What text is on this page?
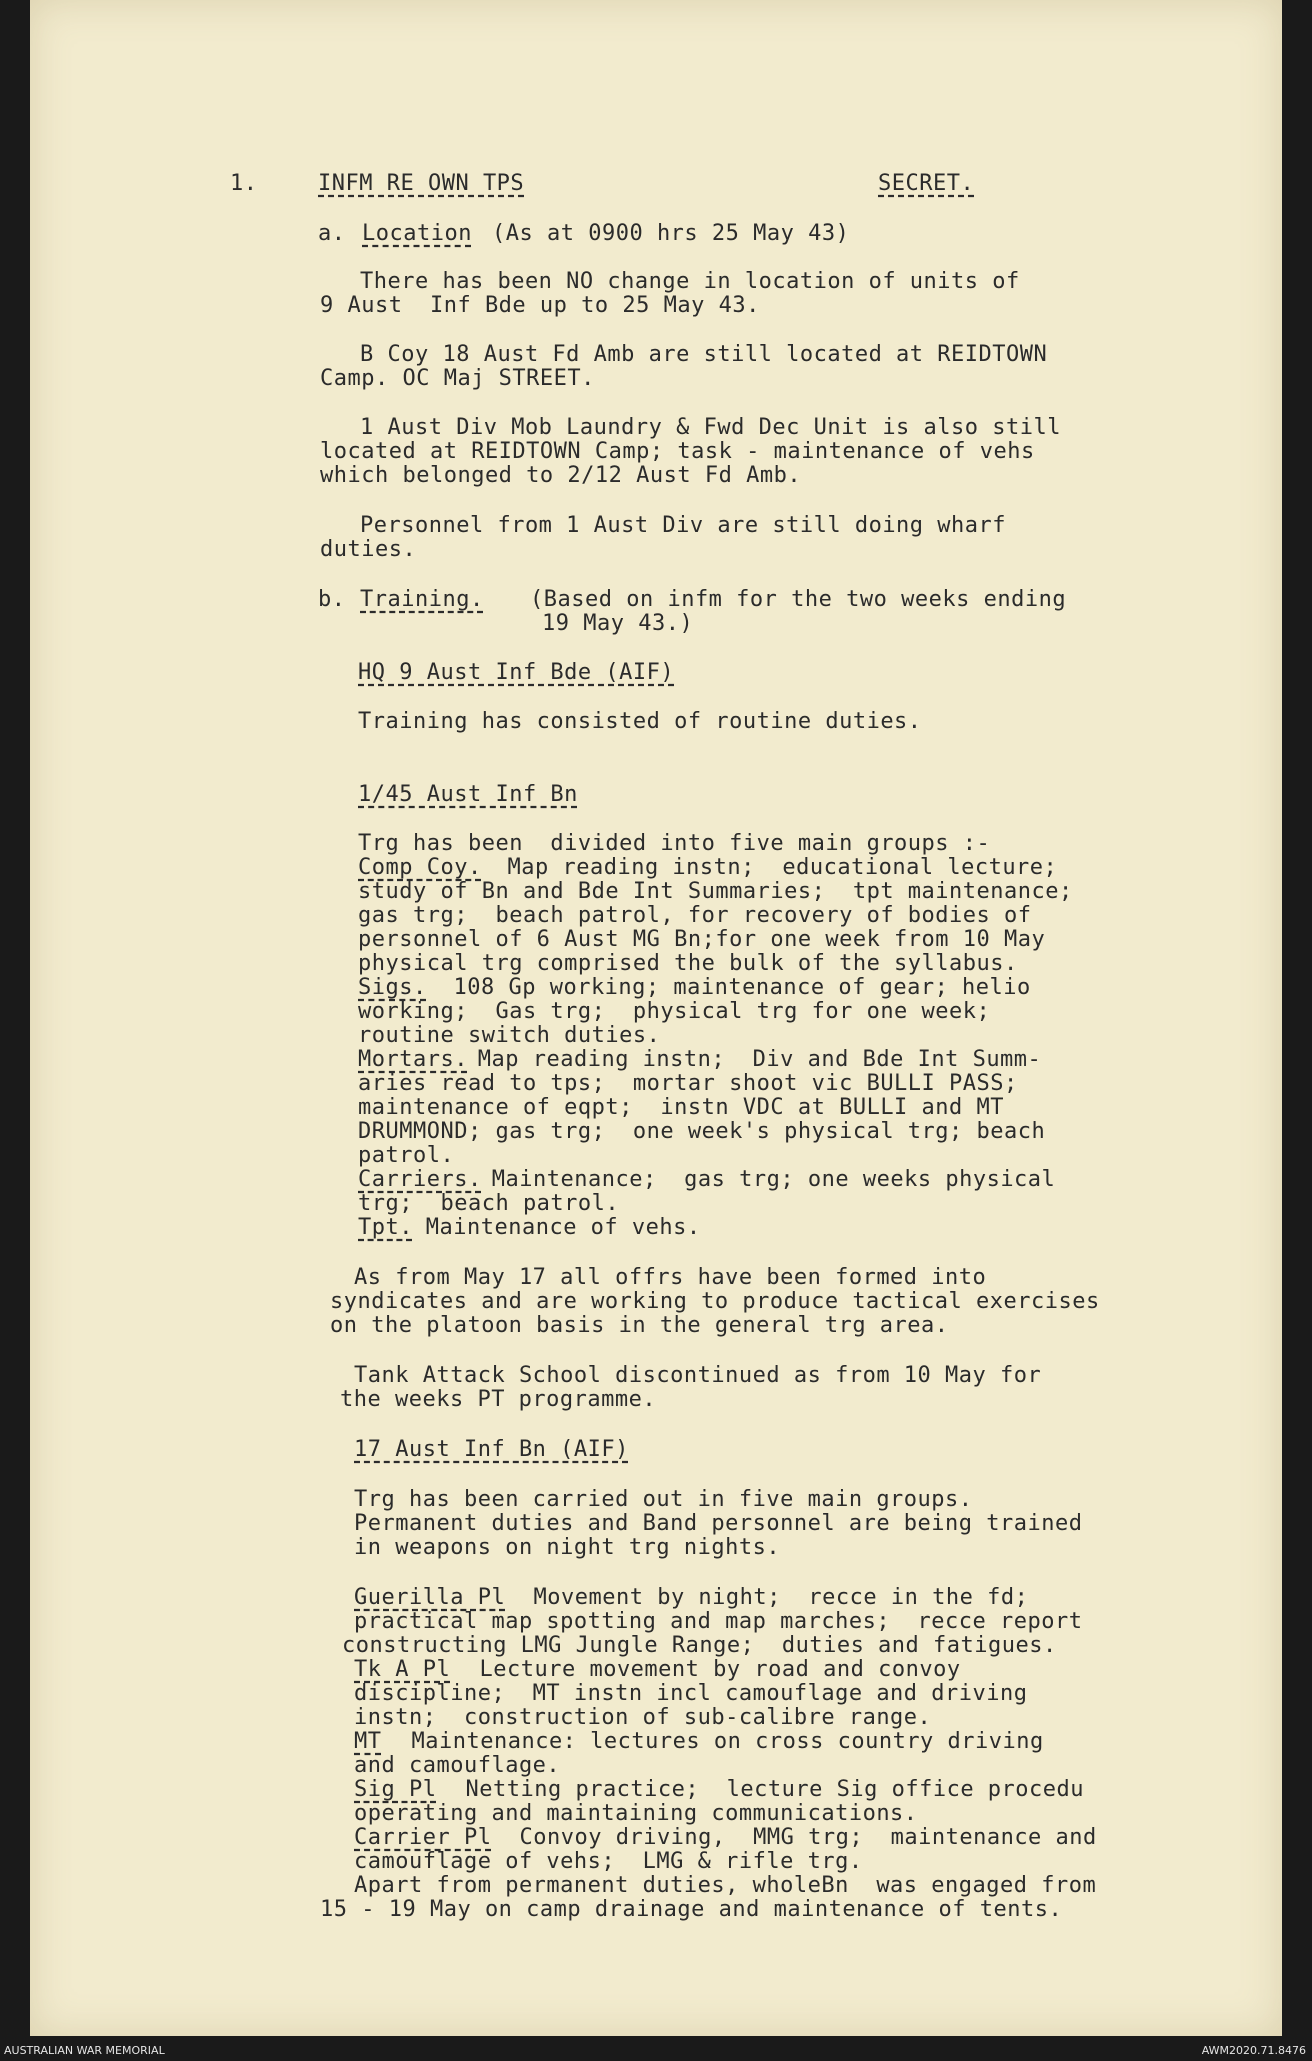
1.	INFM RE OWN TPS	SECRET.
a. Location (As at 0900 hrs 25 May 43)
There has been NO change in location of units of
9 Aust  Inf Bde up to 25 May 43.
B Coy 18 Aust Fd Amb are still located at REIDTOWN
Camp. OC Maj STREET.
1 Aust Div Mob Laundry & Fwd Dec Unit is also still
located at REIDTOWN Camp; task - maintenance of vehs
which belonged to 2/12 Aust Fd Amb.
Personnel from 1 Aust Div are still doing wharf
duties.
b. Training. (Based on infm for the two weeks ending
19 May 43.)
HQ 9 Aust Inf Bde (AIF)
Training has consisted of routine duties.
1/45 Aust Inf Bn
Trg has been  divided into five main groups :-
Comp Coy.
Map reading instn;  educational lecture;
study of Bn and Bde Int Summaries;  tpt maintenance;
gas trg;  beach patrol, for recovery of bodies of
personnel of 6 Aust MG Bn;for one week from 10 May
physical trg comprised the bulk of the syllabus.
Sigs. 108 Gp working; maintenance of gear; helio
working;  Gas trg;  physical trg for one week;
routine switch duties.
Mortars.
Map reading instn;  Div and Bde Int Summ-
aries read to tps;  mortar shoot vic BULLI PASS;
maintenance of eqpt;  instn VDC at BULLI and MT
DRUMMOND; gas trg;  one week's physical trg; beach
patrol.
Carriers.
Maintenance;  gas trg; one weeks physical
trg;  beach patrol.
Tpt. Maintenance of vehs.
As from May 17 all offrs have been formed into
syndicates and are working to produce tactical exercises
on the platoon basis in the general trg area.
Tank Attack School discontinued as from 10 May for
the weeks PT programme.
17 Aust Inf Bn (AIF)
Trg has been carried out in five main groups.
Permanent duties and Band personnel are being trained
in weapons on night trg nights.
Guerilla Pl Movement by night;  recce in the fd;
practical map spotting and map marches;  recce report
constructing LMG Jungle Range;  duties and fatigues.
Tk A Pl Lecture movement by road and convoy
discipline;  MT instn incl camouflage and driving
instn;  construction of sub-calibre range.
MT Maintenance: lectures on cross country driving
and camouflage.
Sig Pl Netting practice;  lecture Sig office procedu
operating and maintaining communications.
Carrier Pl Convoy driving,  MMG trg;  maintenance and
camouflage of vehs;  LMG & rifle trg.
Apart from permanent duties, wholeBn  was engaged from
15 - 19 May on camp drainage and maintenance of tents.
AUSTRALIAN WAR MEMORIAL	AWM2020.71.8476
